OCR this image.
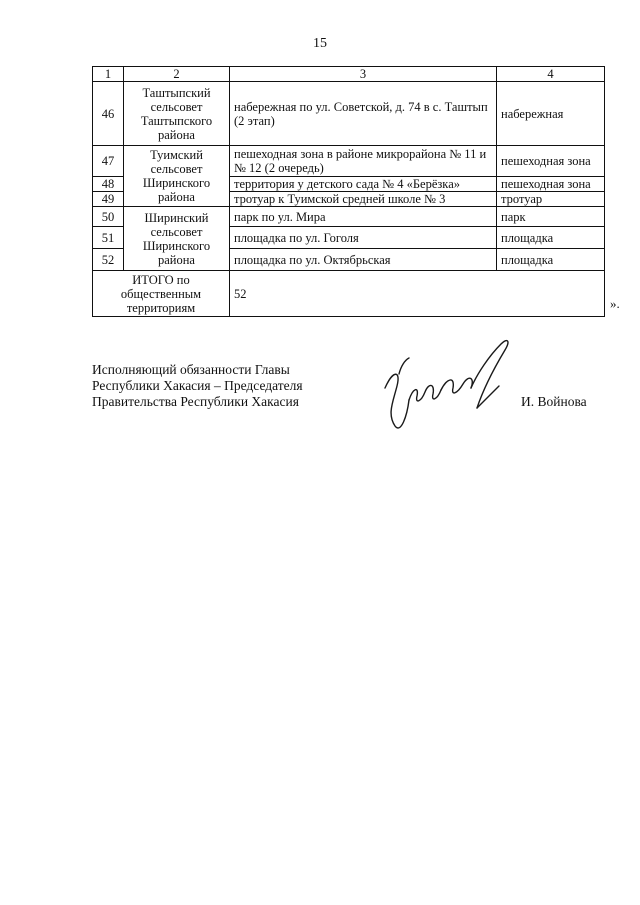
15
1	2	3	4
46	Таштыпский сельсовет Таштыпского района	набережная по ул. Советской, д. 74 в с. Таштып (2 этап)	набережная
47	Туимский сельсовет Ширинского района	пешеходная зона в районе микрорайона № 11 и № 12 (2 очередь)	пешеходная зона
48		территория у детского сада № 4 «Берёзка»	пешеходная зона
49		тротуар к Туимской средней школе № 3	тротуар
50	Ширинский сельсовет Ширинского района	парк по ул. Мира	парк
51		площадка по ул. Гоголя	площадка
52		площадка по ул. Октябрьская	площадка
ИТОГО по общественным территориям		52	
».
Исполняющий обязанности Главы
Республики Хакасия – Председателя
Правительства Республики Хакасия	И. Войнова
